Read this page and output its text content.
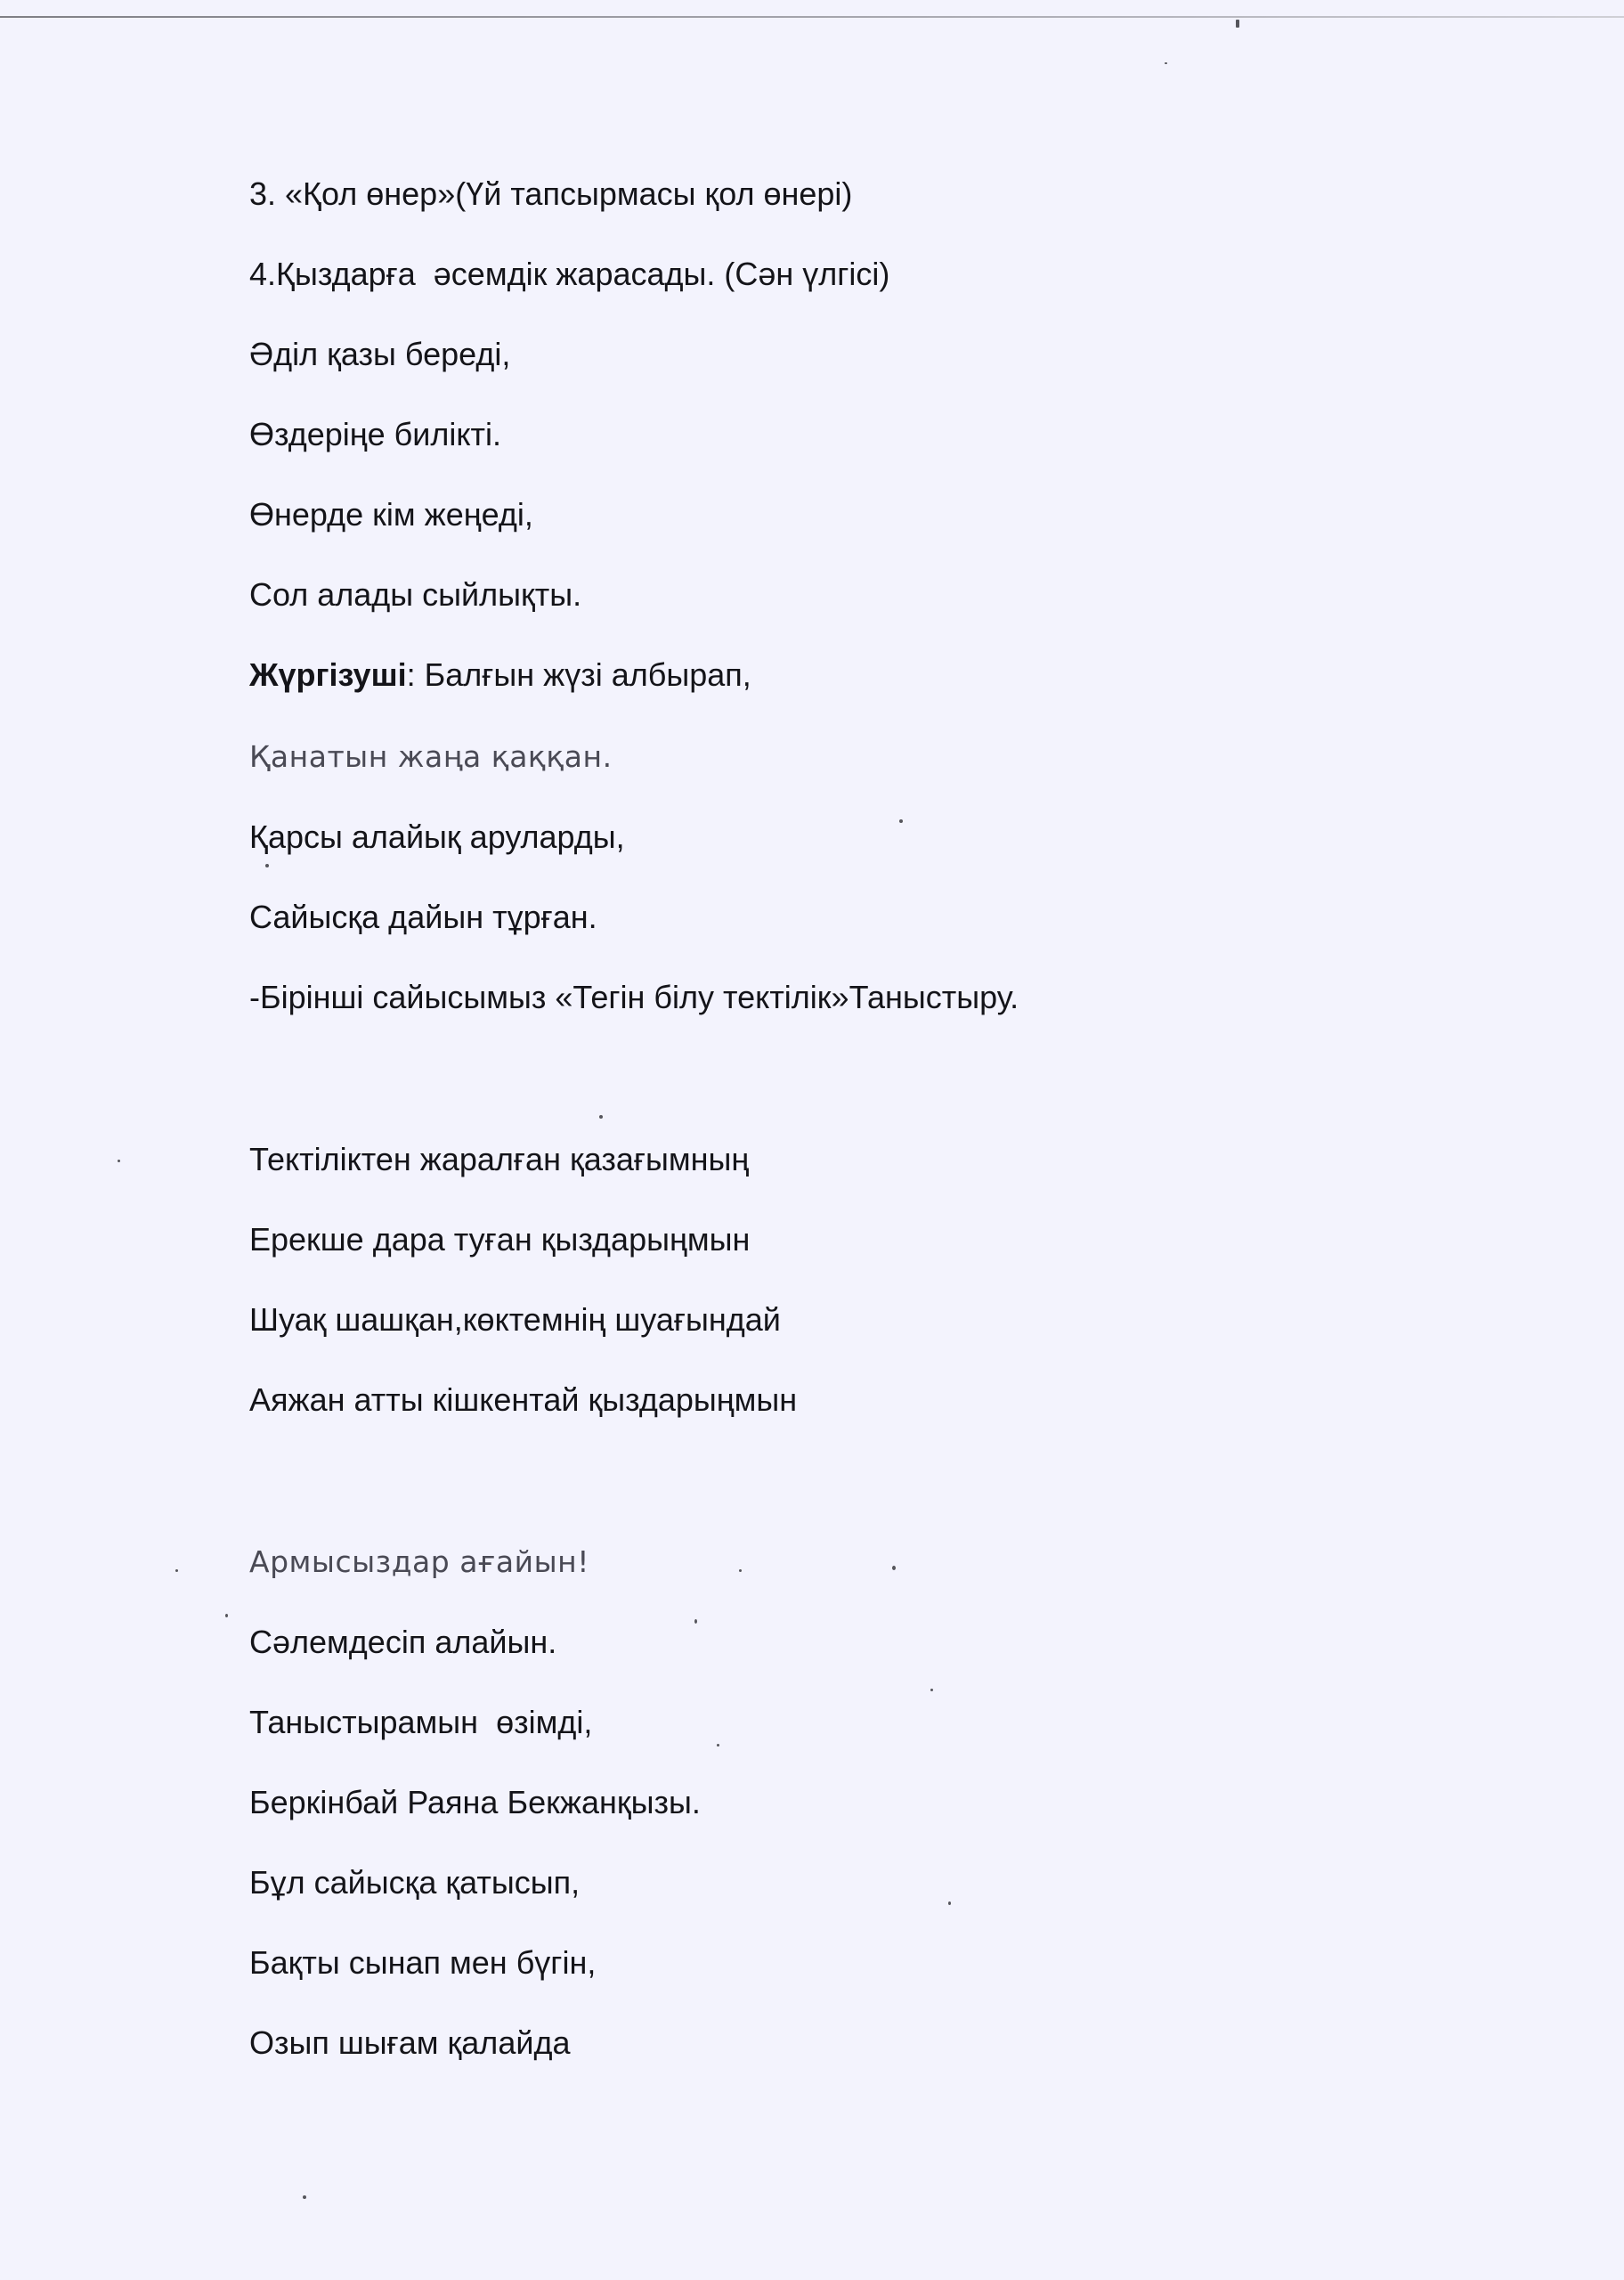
3. «Қол өнер»(Үй тапсырмасы қол өнері)
4.Қыздарға  әсемдік жарасады. (Сән үлгісі)
Әділ қазы береді,
Өздеріңе билікті.
Өнерде кім жеңеді,
Сол алады сыйлықты.
Жүргізуші: Балғын жүзі албырап,
Қанатын жаңа қаққан.
Қарсы алайық аруларды,
Сайысқа дайын тұрған.
-Бірінші сайысымыз «Тегін білу тектілік»Таныстыру.
Тектіліктен жаралған қазағымның
Ерекше дара туған қыздарыңмын
Шуақ шашқан,көктемнің шуағындай
Аяжан атты кішкентай қыздарыңмын
Армысыздар ағайын!
Сәлемдесіп алайын.
Таныстырамын  өзімді,
Беркінбай Раяна Бекжанқызы.
Бұл сайысқа қатысып,
Бақты сынап мен бүгін,
Озып шығам қалайда
